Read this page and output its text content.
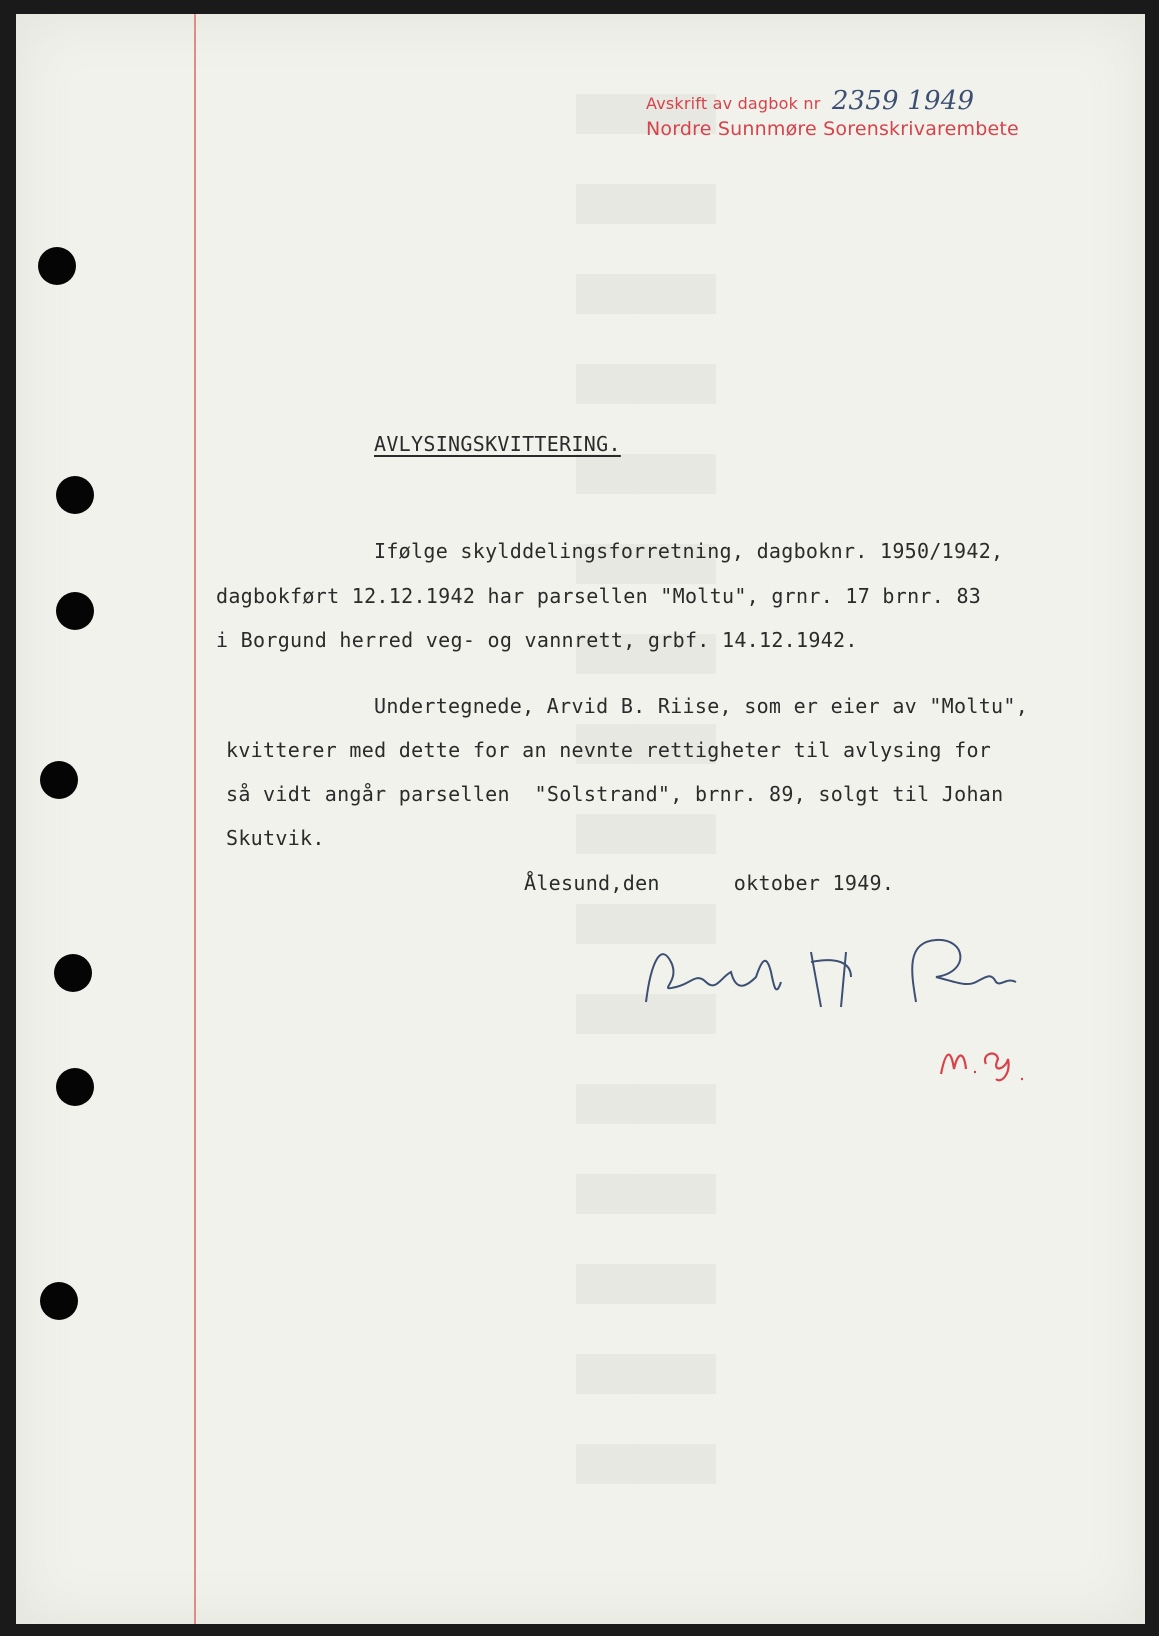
Avskrift av dagbok nr 2359 1949
Nordre Sunnmøre Sorenskrivarembete
AVLYSINGSKVITTERING.
Ifølge skylddelingsforretning, dagboknr. 1950/1942,
dagbokført 12.12.1942 har parsellen "Moltu", grnr. 17 brnr. 83
i Borgund herred veg- og vannrett, grbf. 14.12.1942.
Undertegnede, Arvid B. Riise, som er eier av "Moltu",
kvitterer med dette for an nevnte rettigheter til avlysing for
så vidt angår parsellen  "Solstrand", brnr. 89, solgt til Johan
Skutvik.
Ålesund,den      oktober 1949.
